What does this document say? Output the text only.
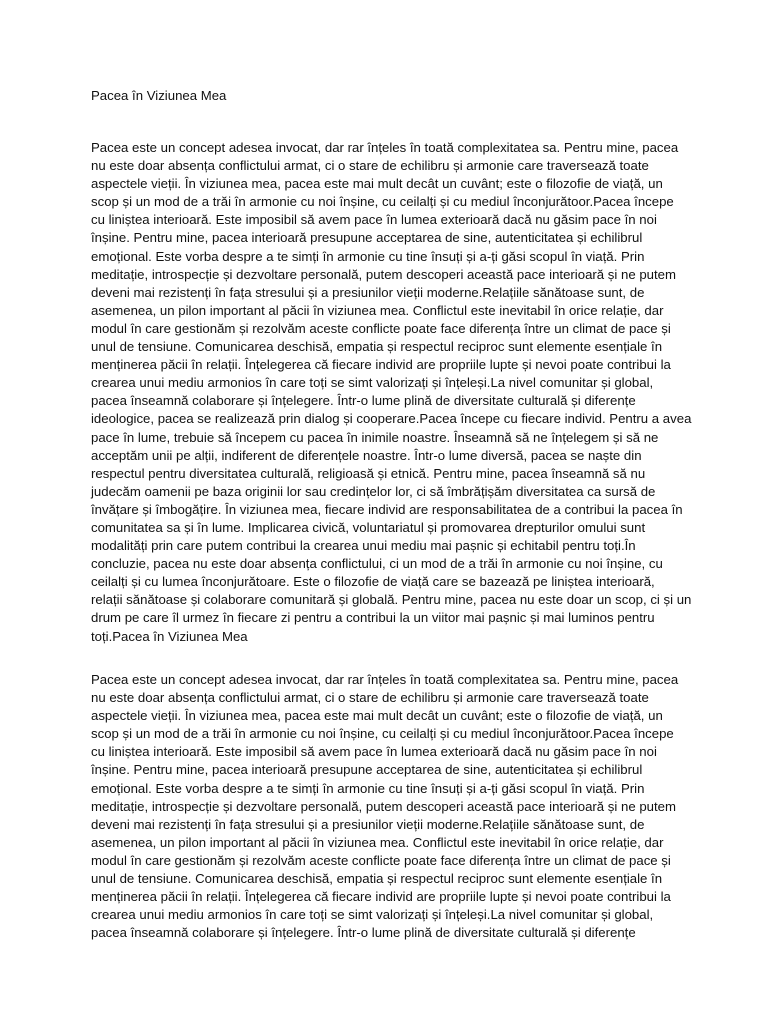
Pacea în Viziunea Mea
Pacea este un concept adesea invocat, dar rar înțeles în toată complexitatea sa. Pentru mine, pacea
nu este doar absența conflictului armat, ci o stare de echilibru și armonie care traversează toate
aspectele vieții. În viziunea mea, pacea este mai mult decât un cuvânt; este o filozofie de viață, un
scop și un mod de a trăi în armonie cu noi înșine, cu ceilalți și cu mediul înconjurătoor.Pacea începe
cu liniștea interioară. Este imposibil să avem pace în lumea exterioară dacă nu găsim pace în noi
înșine. Pentru mine, pacea interioară presupune acceptarea de sine, autenticitatea și echilibrul
emoțional. Este vorba despre a te simți în armonie cu tine însuți și a-ți găsi scopul în viață. Prin
meditație, introspecție și dezvoltare personală, putem descoperi această pace interioară și ne putem
deveni mai rezistenți în fața stresului și a presiunilor vieții moderne.Relațiile sănătoase sunt, de
asemenea, un pilon important al păcii în viziunea mea. Conflictul este inevitabil în orice relație, dar
modul în care gestionăm și rezolvăm aceste conflicte poate face diferența între un climat de pace și
unul de tensiune. Comunicarea deschisă, empatia și respectul reciproc sunt elemente esențiale în
menținerea păcii în relații. Înțelegerea că fiecare individ are propriile lupte și nevoi poate contribui la
crearea unui mediu armonios în care toți se simt valorizați și înțeleși.La nivel comunitar și global,
pacea înseamnă colaborare și înțelegere. Într-o lume plină de diversitate culturală și diferențe
ideologice, pacea se realizează prin dialog și cooperare.Pacea începe cu fiecare individ. Pentru a avea
pace în lume, trebuie să începem cu pacea în inimile noastre. Înseamnă să ne înțelegem și să ne
acceptăm unii pe alții, indiferent de diferențele noastre. Într-o lume diversă, pacea se naște din
respectul pentru diversitatea culturală, religioasă și etnică. Pentru mine, pacea înseamnă să nu
judecăm oamenii pe baza originii lor sau credințelor lor, ci să îmbrățișăm diversitatea ca sursă de
învățare și îmbogățire. În viziunea mea, fiecare individ are responsabilitatea de a contribui la pacea în
comunitatea sa și în lume. Implicarea civică, voluntariatul și promovarea drepturilor omului sunt
modalități prin care putem contribui la crearea unui mediu mai pașnic și echitabil pentru toți.În
concluzie, pacea nu este doar absența conflictului, ci un mod de a trăi în armonie cu noi înșine, cu
ceilalți și cu lumea înconjurătoare. Este o filozofie de viață care se bazează pe liniștea interioară,
relații sănătoase și colaborare comunitară și globală. Pentru mine, pacea nu este doar un scop, ci și un
drum pe care îl urmez în fiecare zi pentru a contribui la un viitor mai pașnic și mai luminos pentru
toți.Pacea în Viziunea Mea
Pacea este un concept adesea invocat, dar rar înțeles în toată complexitatea sa. Pentru mine, pacea
nu este doar absența conflictului armat, ci o stare de echilibru și armonie care traversează toate
aspectele vieții. În viziunea mea, pacea este mai mult decât un cuvânt; este o filozofie de viață, un
scop și un mod de a trăi în armonie cu noi înșine, cu ceilalți și cu mediul înconjurătoor.Pacea începe
cu liniștea interioară. Este imposibil să avem pace în lumea exterioară dacă nu găsim pace în noi
înșine. Pentru mine, pacea interioară presupune acceptarea de sine, autenticitatea și echilibrul
emoțional. Este vorba despre a te simți în armonie cu tine însuți și a-ți găsi scopul în viață. Prin
meditație, introspecție și dezvoltare personală, putem descoperi această pace interioară și ne putem
deveni mai rezistenți în fața stresului și a presiunilor vieții moderne.Relațiile sănătoase sunt, de
asemenea, un pilon important al păcii în viziunea mea. Conflictul este inevitabil în orice relație, dar
modul în care gestionăm și rezolvăm aceste conflicte poate face diferența între un climat de pace și
unul de tensiune. Comunicarea deschisă, empatia și respectul reciproc sunt elemente esențiale în
menținerea păcii în relații. Înțelegerea că fiecare individ are propriile lupte și nevoi poate contribui la
crearea unui mediu armonios în care toți se simt valorizați și înțeleși.La nivel comunitar și global,
pacea înseamnă colaborare și înțelegere. Într-o lume plină de diversitate culturală și diferențe
